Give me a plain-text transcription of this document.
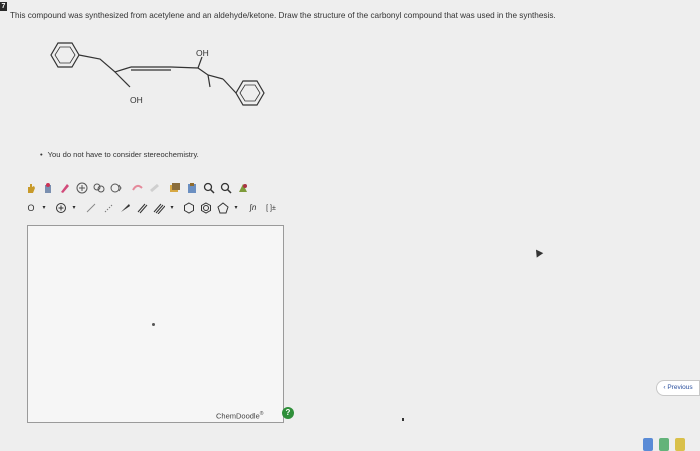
7
This compound was synthesized from acetylene and an aldehyde/ketone. Draw the structure of the carbonyl compound that was used in the synthesis.
OH
OH
• You do not have to consider stereochemistry.
O ▾	▾	▾	▾ ∫n [ ]±
?
ChemDoodle®
‹ Previous
